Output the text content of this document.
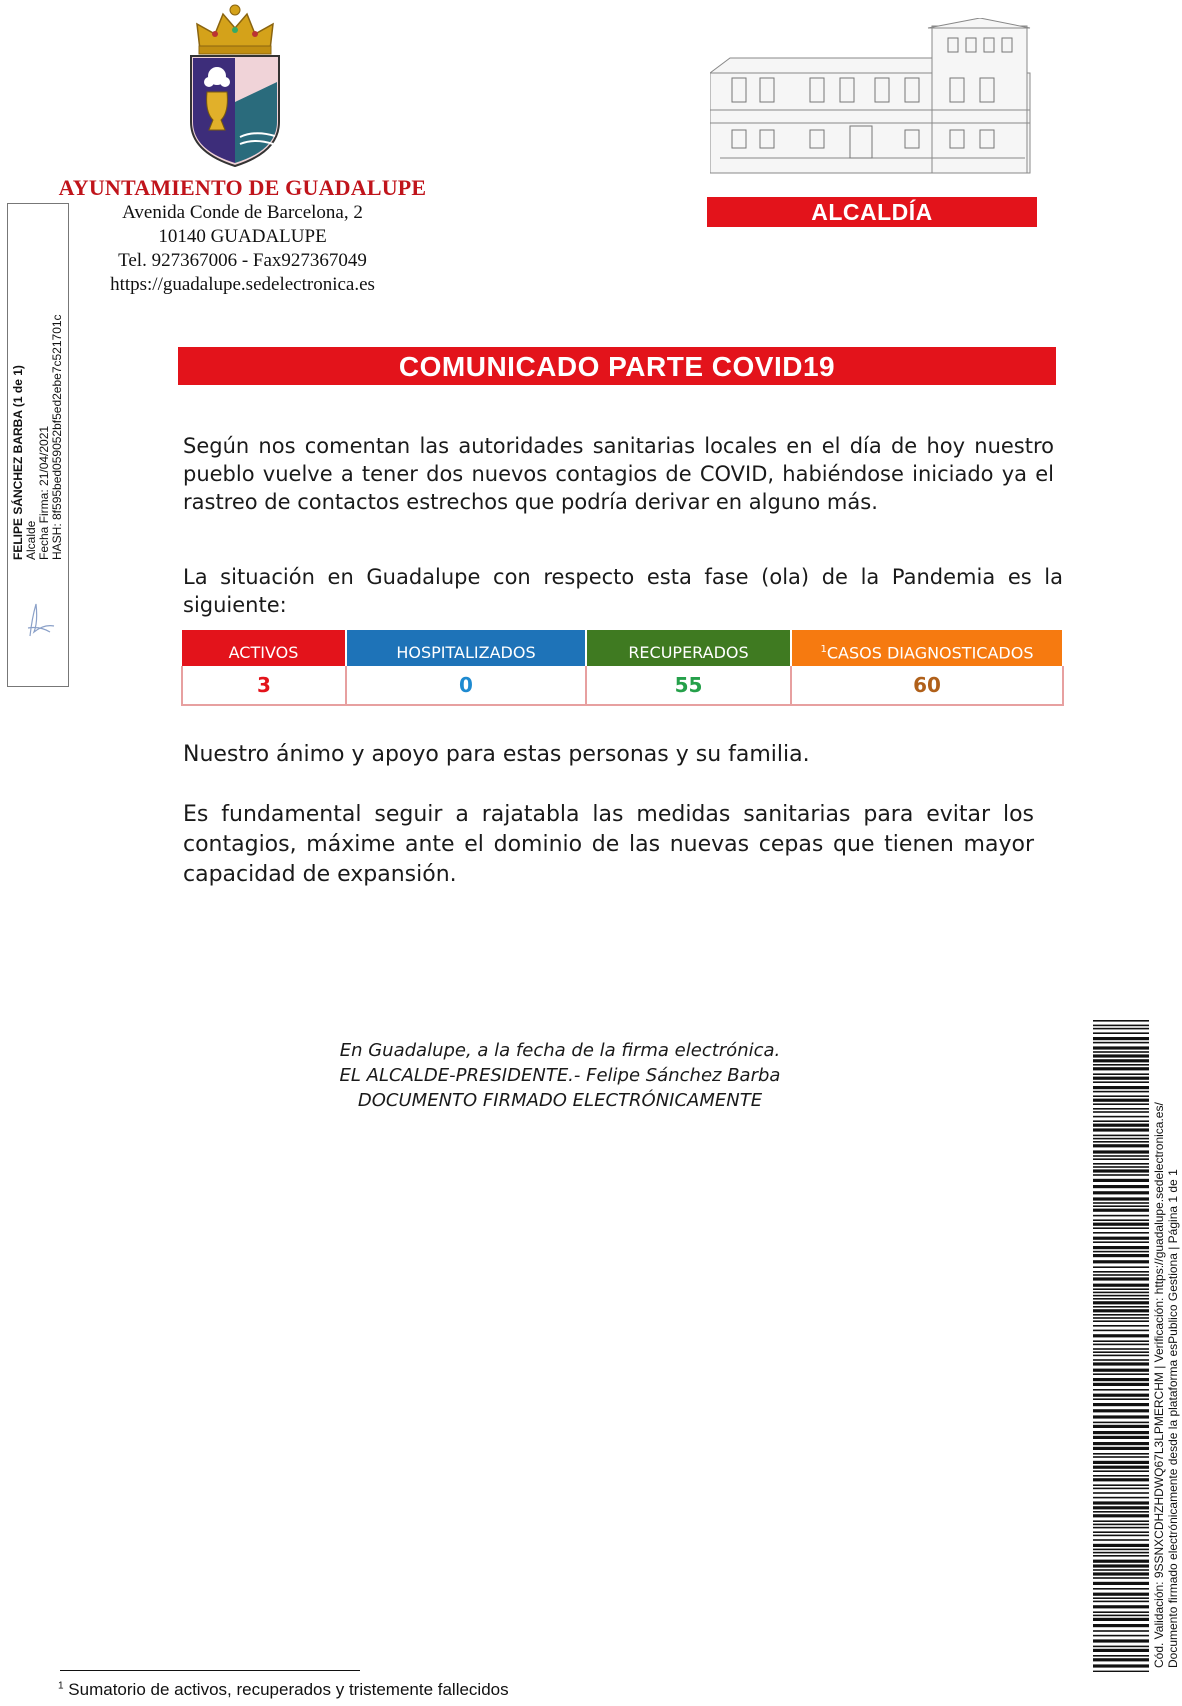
AYUNTAMIENTO DE GUADALUPE
Avenida Conde de Barcelona, 2
10140 GUADALUPE
Tel. 927367006 - Fax927367049
https://guadalupe.sedelectronica.es
ALCALDÍA
FELIPE SÁNCHEZ BARBA (1 de 1) Alcalde Fecha Firma: 21/04/2021 HASH: 8f595bed059052bf5ed2ebe7c521701c	COMUNICADO PARTE COVID19
Según nos comentan las autoridades sanitarias locales en el día de hoy nuestro pueblo vuelve a tener dos nuevos contagios de COVID, habiéndose iniciado ya el rastreo de contactos estrechos que podría derivar en alguno más.
La situación en Guadalupe con respecto esta fase (ola) de la Pandemia es la siguiente:
ACTIVOS	HOSPITALIZADOS	RECUPERADOS	$^1$CASOS DIAGNOSTICADOS
3	0	55	60
Nuestro ánimo y apoyo para estas personas y su familia.
Es fundamental seguir a rajatabla las medidas sanitarias para evitar los contagios, máxime ante el dominio de las nuevas cepas que tienen mayor capacidad de expansión.
En Guadalupe, a la fecha de la firma electrónica.
EL ALCALDE-PRESIDENTE.- Felipe Sánchez Barba
DOCUMENTO FIRMADO ELECTRÓNICAMENTE
Cód. Validación: 9SSNXCDHZHDWQ67L3LPMERCHM | Verificación: https://guadalupe.sedelectronica.es/ Documento firmado electrónicamente desde la plataforma esPublico Gestiona | Página 1 de 1
$^1$ Sumatorio de activos, recuperados y tristemente fallecidos
